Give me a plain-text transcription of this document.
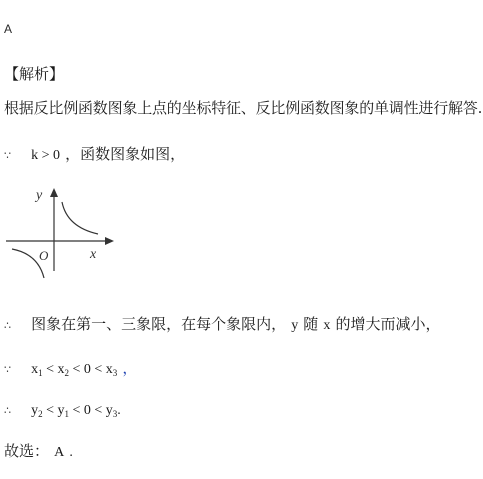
A
【解析】
根据反比例函数图象上点的坐标特征、反比例函数图象的单调性进行解答.
∵ k > 0 ，函数图象如图，
y
x
O
∴ 图象在第一、三象限，在每个象限内， y 随 x 的增大而减小，
∵ $x_1 < x_2 < 0 < x_3$ ，
∴ $y_2 < y_1 < 0 < y_3$.
故选： A .
